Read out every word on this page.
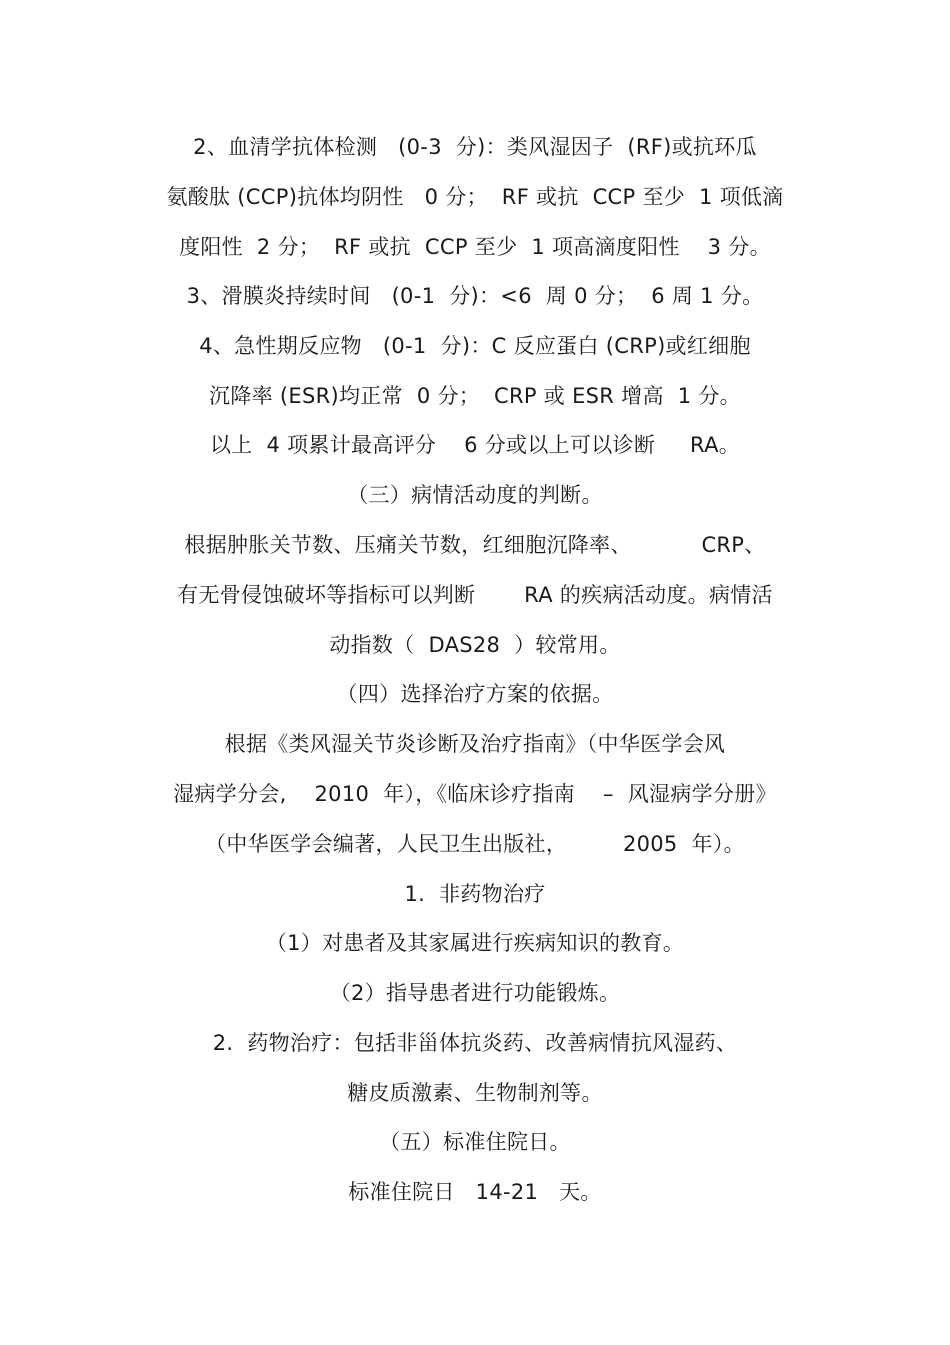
2、血清学抗体检测   (0-3  分)：类风湿因子  (RF)或抗环瓜
氨酸肽 (CCP)抗体均阴性   0 分；  RF 或抗  CCP 至少  1 项低滴
度阳性  2 分；  RF 或抗  CCP 至少  1 项高滴度阳性    3 分。
3、滑膜炎持续时间   (0-1  分)：<6  周 0 分；  6 周 1 分。
4、急性期反应物   (0-1  分)：C 反应蛋白 (CRP)或红细胞
沉降率 (ESR)均正常  0 分；  CRP 或 ESR 增高  1 分。
以上  4 项累计最高评分    6 分或以上可以诊断     RA。
（三）病情活动度的判断。
根据肿胀关节数、压痛关节数，红细胞沉降率、          CRP、
有无骨侵蚀破坏等指标可以判断       RA 的疾病活动度。病情活
动指数（  DAS28  ）较常用。
（四）选择治疗方案的依据。
根据《类风湿关节炎诊断及治疗指南》（中华医学会风
湿病学分会,    2010  年），《临床诊疗指南    –  风湿病学分册》
（中华医学会编著，人民卫生出版社，        2005  年）。
1.  非药物治疗
（1）对患者及其家属进行疾病知识的教育。
（2）指导患者进行功能锻炼。
2.  药物治疗：包括非甾体抗炎药、改善病情抗风湿药、
糖皮质激素、生物制剂等。
（五）标准住院日。
标准住院日   14-21   天。
